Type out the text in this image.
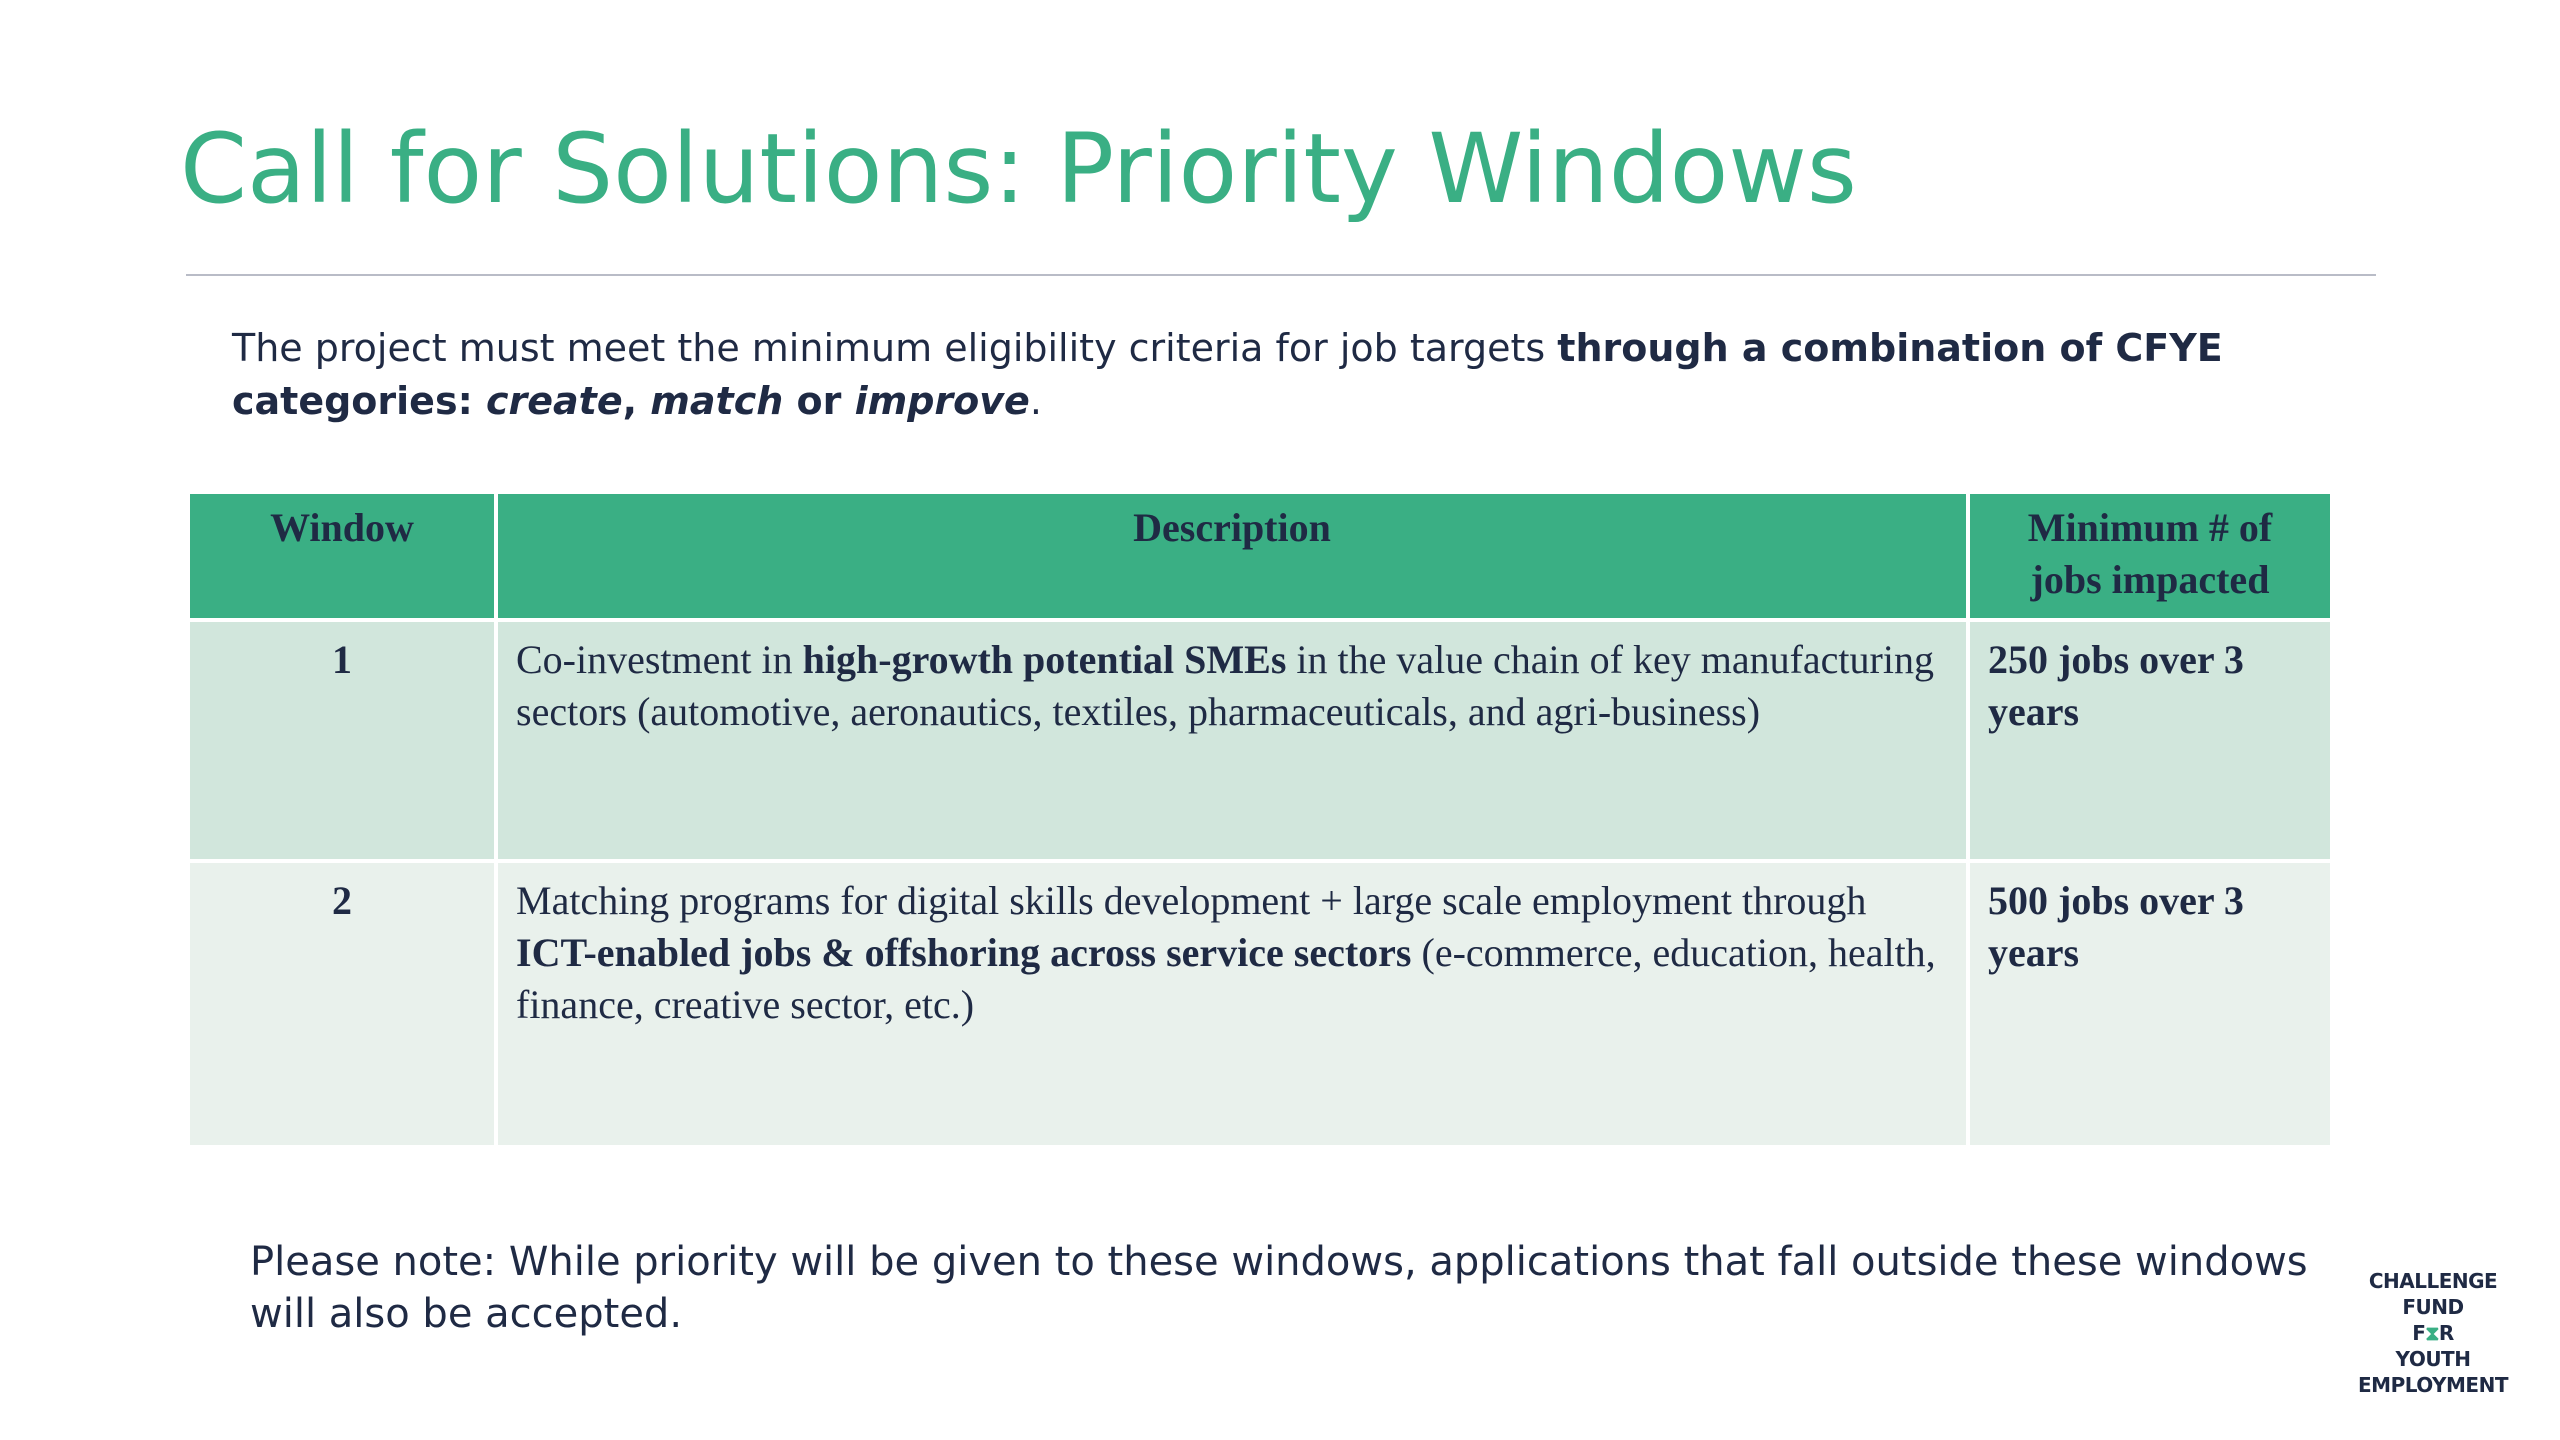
Call for Solutions: Priority Windows

The project must meet the minimum eligibility criteria for job targets through a combination of CFYE categories: create, match or improve.

Window	Description	Minimum # of jobs impacted
1	Co-investment in high-growth potential SMEs in the value chain of key manufacturing sectors (automotive, aeronautics, textiles, pharmaceuticals, and agri-business)	250 jobs over 3 years
2	Matching programs for digital skills development + large scale employment through ICT-enabled jobs & offshoring across service sectors (e-commerce, education, health, finance, creative sector, etc.)	500 jobs over 3 years

Please note: While priority will be given to these windows, applications that fall outside these windows will also be accepted.

CHALLENGE
FUND
F⧗R
YOUTH
EMPLOYMENT
